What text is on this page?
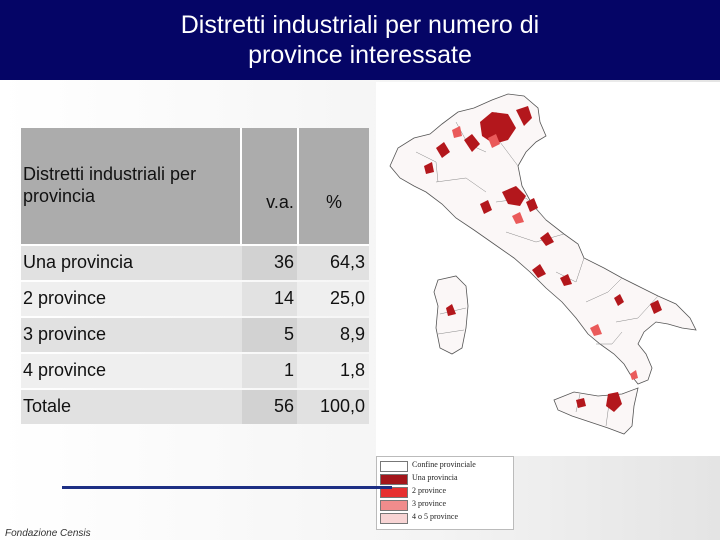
Distretti industriali per numero di
province interessate
Distretti industriali per
provincia	v.a.	%
Una provincia	36	64,3
2 province	14	25,0
3 province	5	8,9
4 province	1	1,8
Totale	56	100,0
Confine provinciale
Una provincia
2 province
3 province
4 o 5 province
Fondazione Censis
